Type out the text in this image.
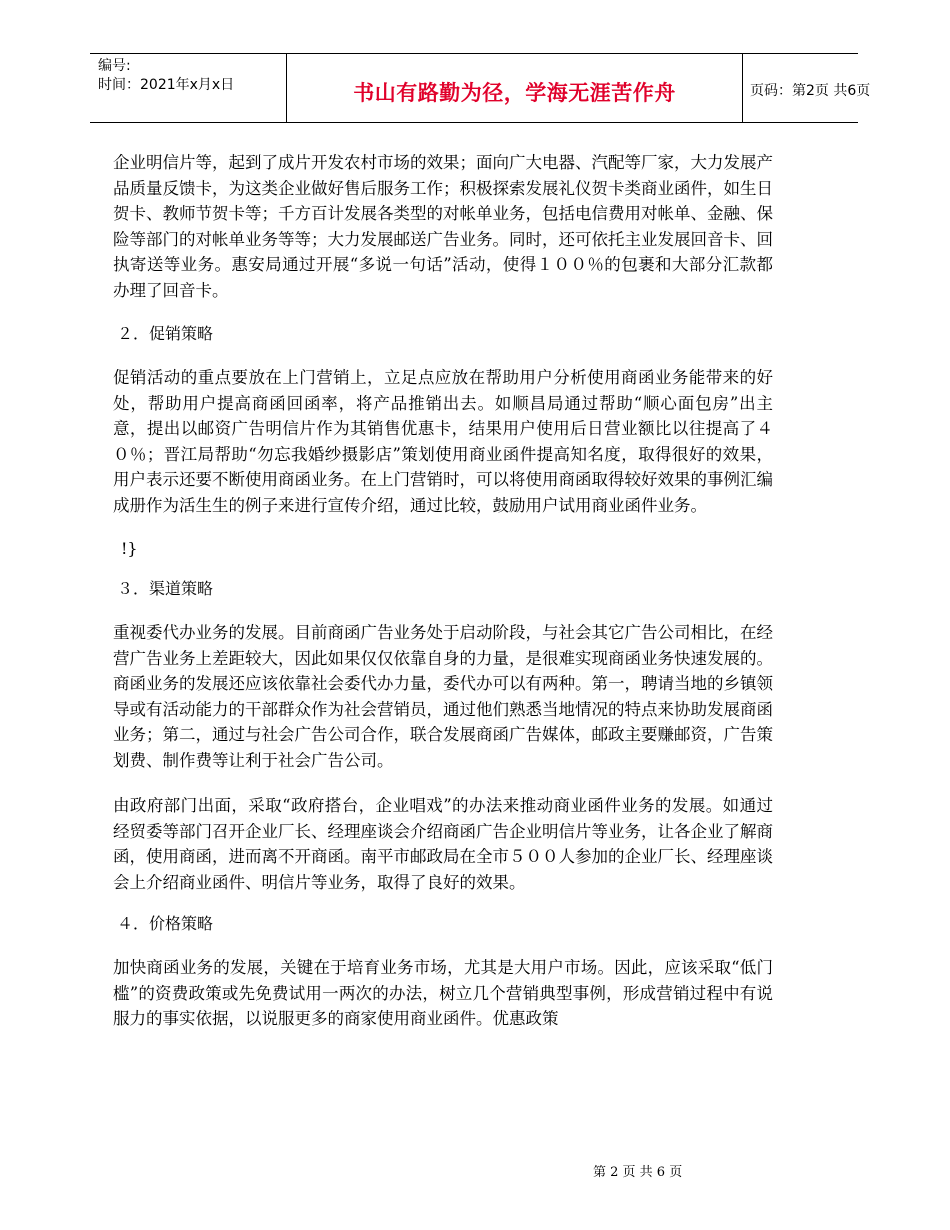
编号:
时间：2021年x月x日	书山有路勤为径，学海无涯苦作舟	页码：第2页 共6页

企业明信片等，起到了成片开发农村市场的效果；面向广大电器、汽配等厂家，大力发展产品质量反馈卡，为这类企业做好售后服务工作；积极探索发展礼仪贺卡类商业函件，如生日贺卡、教师节贺卡等；千方百计发展各类型的对帐单业务，包括电信费用对帐单、金融、保险等部门的对帐单业务等等；大力发展邮送广告业务。同时，还可依托主业发展回音卡、回执寄送等业务。惠安局通过开展“多说一句话”活动，使得１００％的包裹和大部分汇款都办理了回音卡。

２．促销策略

促销活动的重点要放在上门营销上，立足点应放在帮助用户分析使用商函业务能带来的好处，帮助用户提高商函回函率，将产品推销出去。如顺昌局通过帮助“顺心面包房”出主意，提出以邮资广告明信片作为其销售优惠卡，结果用户使用后日营业额比以往提高了４０％；晋江局帮助“勿忘我婚纱摄影店”策划使用商业函件提高知名度，取得很好的效果，用户表示还要不断使用商函业务。在上门营销时，可以将使用商函取得较好效果的事例汇编成册作为活生生的例子来进行宣传介绍，通过比较，鼓励用户试用商业函件业务。

!}

３．渠道策略

重视委代办业务的发展。目前商函广告业务处于启动阶段，与社会其它广告公司相比，在经营广告业务上差距较大，因此如果仅仅依靠自身的力量，是很难实现商函业务快速发展的。商函业务的发展还应该依靠社会委代办力量，委代办可以有两种。第一，聘请当地的乡镇领导或有活动能力的干部群众作为社会营销员，通过他们熟悉当地情况的特点来协助发展商函业务；第二，通过与社会广告公司合作，联合发展商函广告媒体，邮政主要赚邮资，广告策划费、制作费等让利于社会广告公司。

由政府部门出面，采取“政府搭台，企业唱戏”的办法来推动商业函件业务的发展。如通过经贸委等部门召开企业厂长、经理座谈会介绍商函广告企业明信片等业务，让各企业了解商函，使用商函，进而离不开商函。南平市邮政局在全市５００人参加的企业厂长、经理座谈会上介绍商业函件、明信片等业务，取得了良好的效果。

４．价格策略

加快商函业务的发展，关键在于培育业务市场，尤其是大用户市场。因此，应该采取“低门槛”的资费政策或先免费试用一两次的办法，树立几个营销典型事例，形成营销过程中有说服力的事实依据，以说服更多的商家使用商业函件。优惠政策

第 2 页 共 6 页
